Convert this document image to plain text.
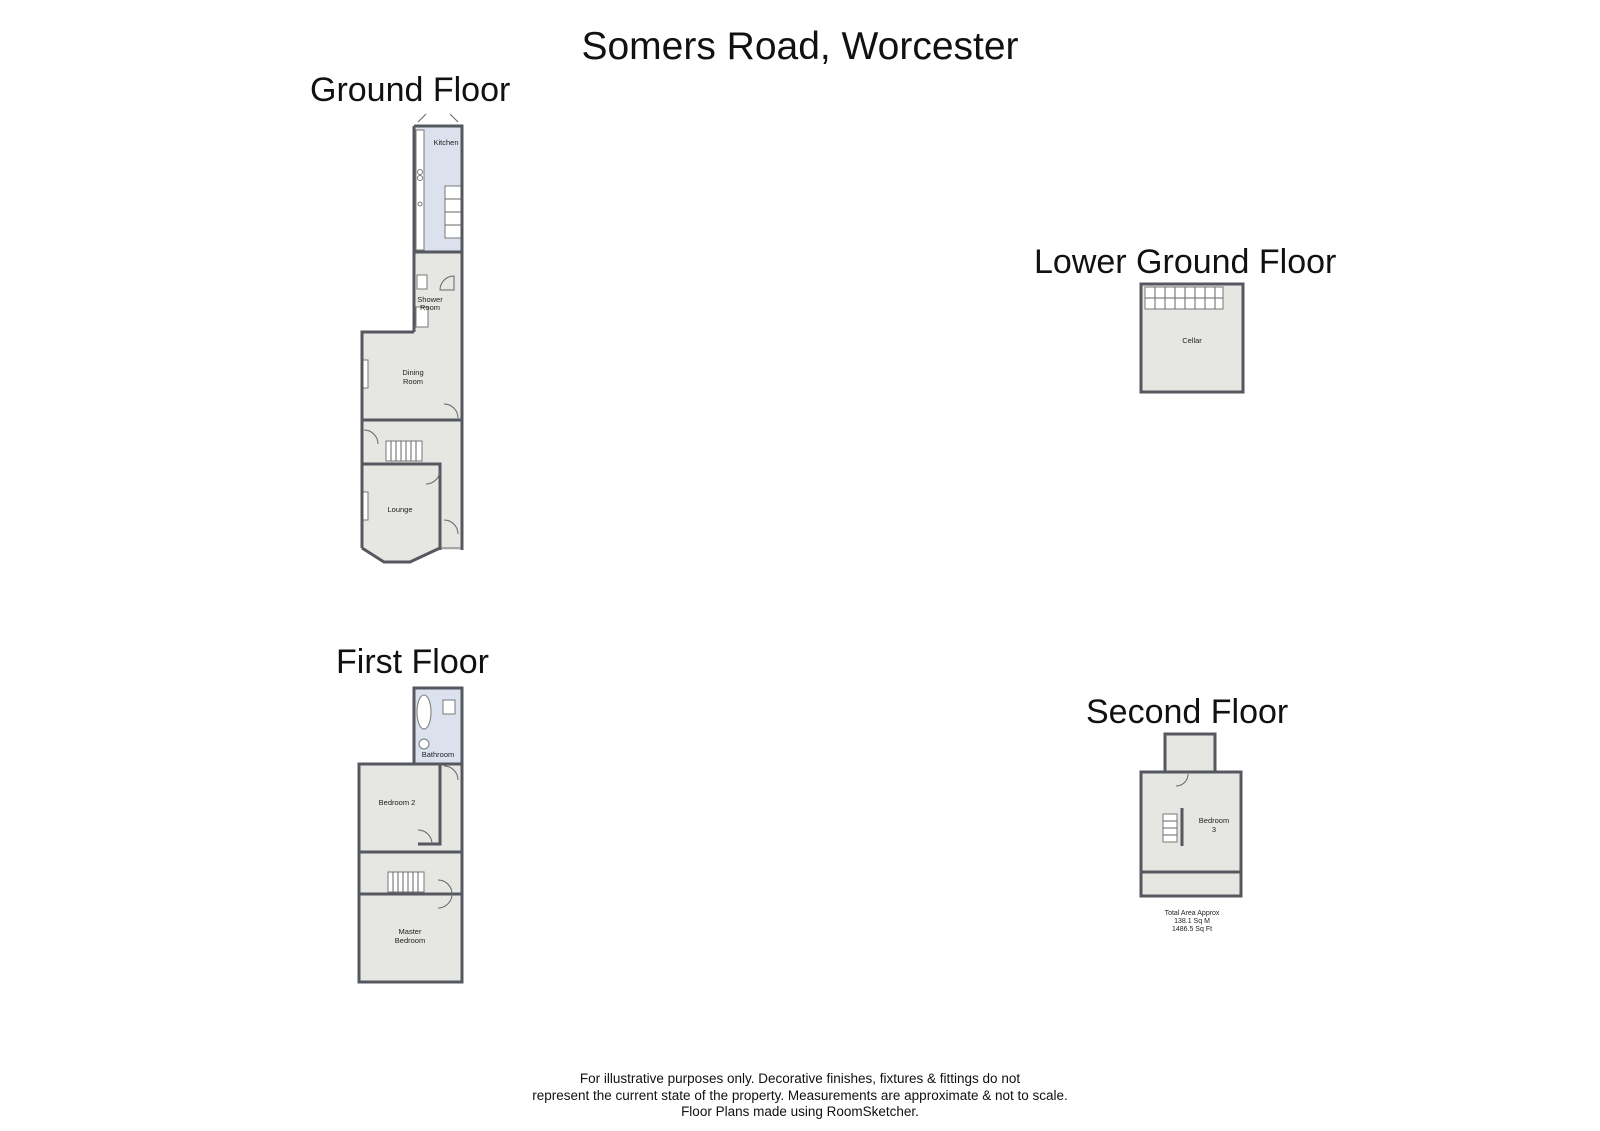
Somers Road, Worcester
Ground Floor
Kitchen
Shower
Room
Dining
Room
Lounge
Cellar
Bathroom
Bedroom 2
Master
Bedroom
Bedroom
3
Lower Ground Floor
First Floor
Second Floor
Total Area Approx
138.1 Sq M
1486.5 Sq Ft
For illustrative purposes only. Decorative finishes, fixtures & fittings do not
represent the current state of the property. Measurements are approximate & not to scale.
Floor Plans made using RoomSketcher.
